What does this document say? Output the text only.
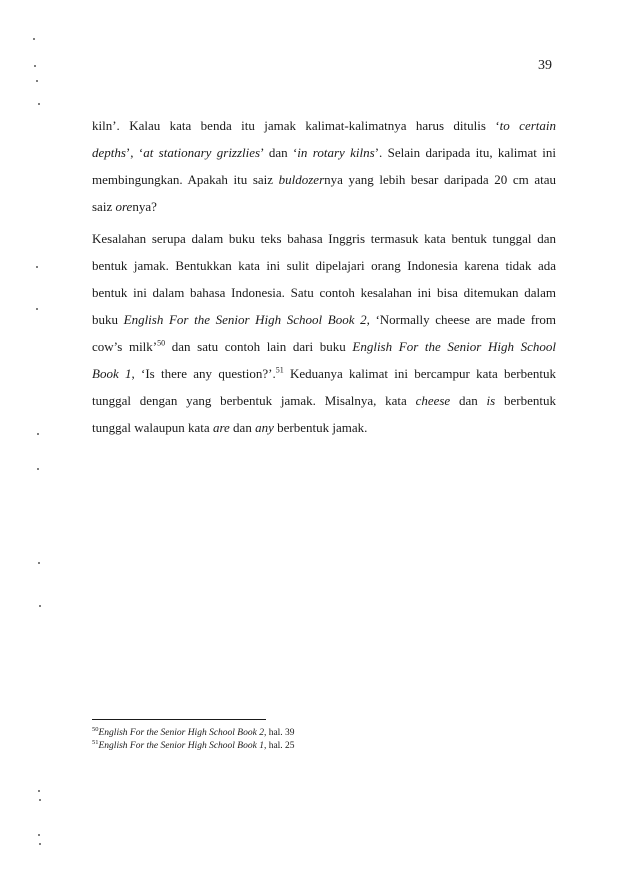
39

kiln’. Kalau kata benda itu jamak kalimat-kalimatnya harus ditulis ‘to certain
depths’, ‘at stationary grizzlies’ dan ‘in rotary kilns’. Selain daripada itu, kalimat ini
membingungkan. Apakah itu saiz buldozernya yang lebih besar daripada 20 cm atau
saiz orenya?

Kesalahan serupa dalam buku teks bahasa Inggris termasuk kata bentuk tunggal dan
bentuk jamak. Bentukkan kata ini sulit dipelajari orang Indonesia karena tidak ada
bentuk ini dalam bahasa Indonesia. Satu contoh kesalahan ini bisa ditemukan dalam
buku English For the Senior High School Book 2, ‘Normally cheese are made from
cow’s milk’$^{50}$ dan satu contoh lain dari buku English For the Senior High School
Book 1, ‘Is there any question?’.$^{51}$ Keduanya kalimat ini bercampur kata berbentuk
tunggal dengan yang berbentuk jamak. Misalnya, kata cheese dan is berbentuk
tunggal walaupun kata are dan any berbentuk jamak.

$^{50}$English For the Senior High School Book 2, hal. 39
$^{51}$English For the Senior High School Book 1, hal. 25
